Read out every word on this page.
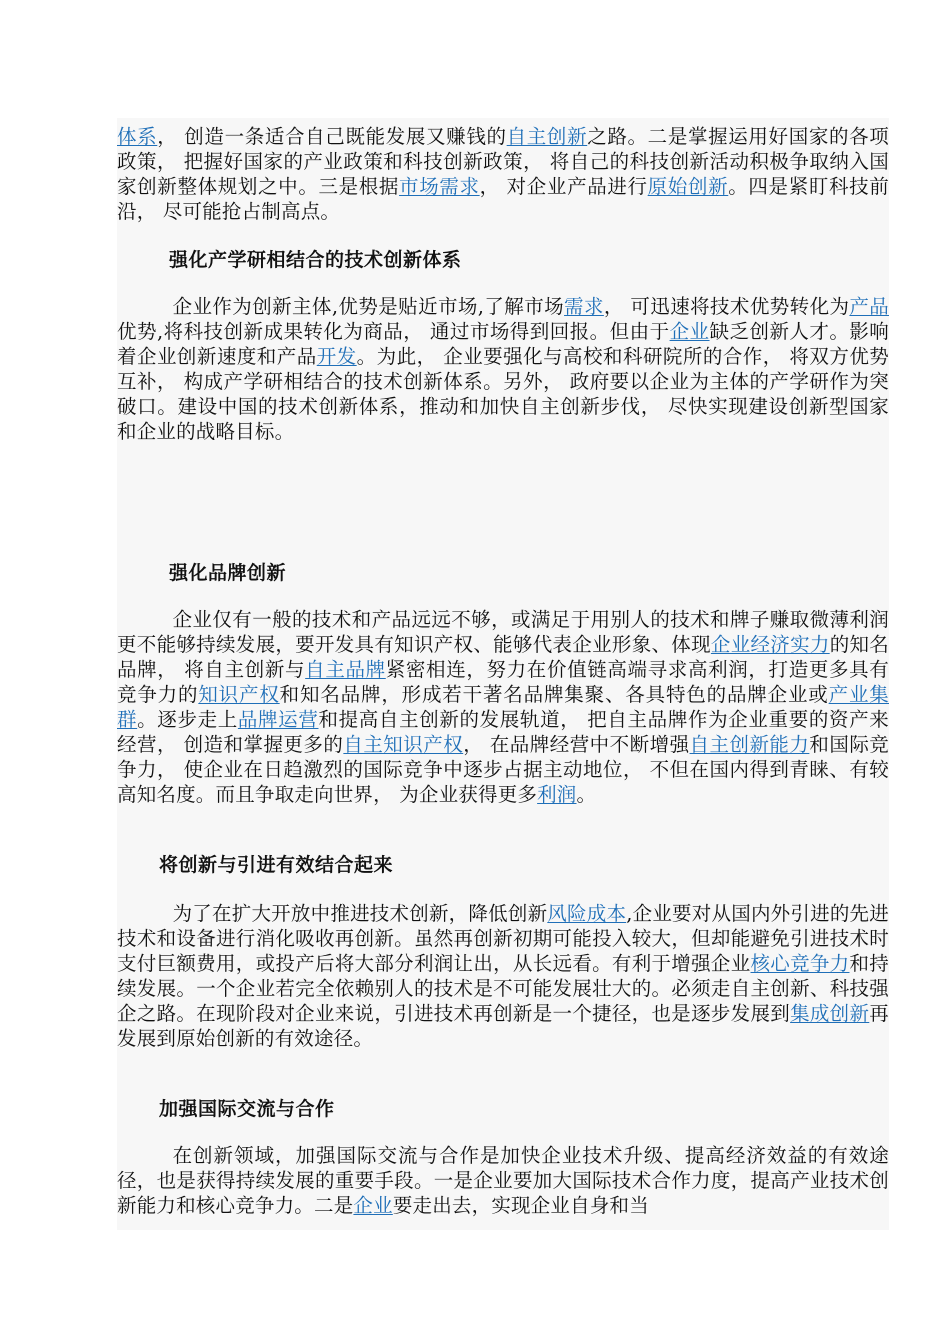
体系， 创造一条适合自己既能发展又赚钱的自主创新之路。二是掌握运用好国家的各项政策， 把握好国家的产业政策和科技创新政策， 将自己的科技创新活动积极争取纳入国家创新整体规划之中。三是根据市场需求， 对企业产品进行原始创新。四是紧盯科技前沿， 尽可能抢占制高点。

强化产学研相结合的技术创新体系

企业作为创新主体,优势是贴近市场,了解市场需求， 可迅速将技术优势转化为产品优势,将科技创新成果转化为商品， 通过市场得到回报。但由于企业缺乏创新人才。影响着企业创新速度和产品开发。为此， 企业要强化与高校和科研院所的合作， 将双方优势互补， 构成产学研相结合的技术创新体系。另外， 政府要以企业为主体的产学研作为突破口。建设中国的技术创新体系，推动和加快自主创新步伐， 尽快实现建设创新型国家和企业的战略目标。

强化品牌创新

企业仅有一般的技术和产品远远不够，或满足于用别人的技术和牌子赚取微薄利润更不能够持续发展，要开发具有知识产权、能够代表企业形象、体现企业经济实力的知名品牌， 将自主创新与自主品牌紧密相连，努力在价值链高端寻求高利润，打造更多具有竞争力的知识产权和知名品牌，形成若干著名品牌集聚、各具特色的品牌企业或产业集群。逐步走上品牌运营和提高自主创新的发展轨道， 把自主品牌作为企业重要的资产来经营， 创造和掌握更多的自主知识产权， 在品牌经营中不断增强自主创新能力和国际竞争力， 使企业在日趋激烈的国际竞争中逐步占据主动地位， 不但在国内得到青睐、有较高知名度。而且争取走向世界， 为企业获得更多利润。

将创新与引进有效结合起来

为了在扩大开放中推进技术创新，降低创新风险成本,企业要对从国内外引进的先进技术和设备进行消化吸收再创新。虽然再创新初期可能投入较大，但却能避免引进技术时支付巨额费用，或投产后将大部分利润让出，从长远看。有利于增强企业核心竞争力和持续发展。一个企业若完全依赖别人的技术是不可能发展壮大的。必须走自主创新、科技强企之路。在现阶段对企业来说，引进技术再创新是一个捷径，也是逐步发展到集成创新再发展到原始创新的有效途径。

加强国际交流与合作

在创新领域，加强国际交流与合作是加快企业技术升级、提高经济效益的有效途径，也是获得持续发展的重要手段。一是企业要加大国际技术合作力度，提高产业技术创新能力和核心竞争力。二是企业要走出去，实现企业自身和当
